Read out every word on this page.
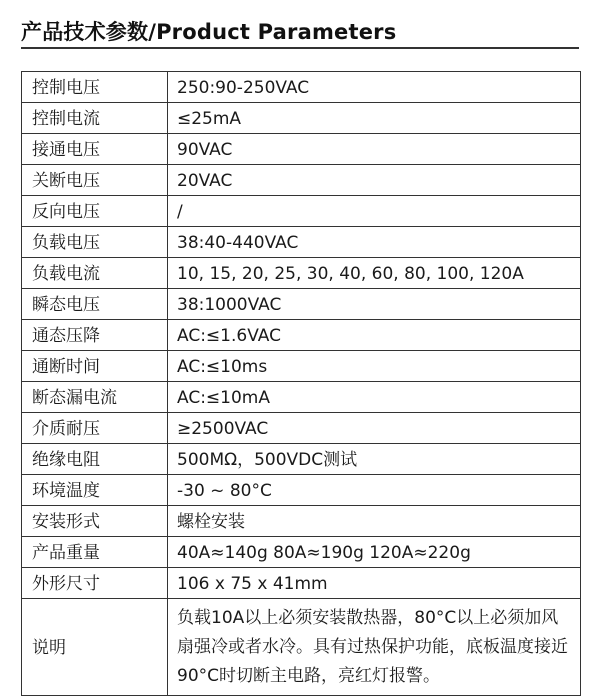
产品技术参数/Product Parameters
控制电压	250:90-250VAC
控制电流	≤25mA
接通电压	90VAC
关断电压	20VAC
反向电压	/
负载电压	38:40-440VAC
负载电流	10, 15, 20, 25, 30, 40, 60, 80, 100, 120A
瞬态电压	38:1000VAC
通态压降	AC:≤1.6VAC
通断时间	AC:≤10ms
断态漏电流	AC:≤10mA
介质耐压	≥2500VAC
绝缘电阻	500MΩ，500VDC测试
环境温度	-30 ~ 80°C
安装形式	螺栓安装
产品重量	40A≈140g 80A≈190g 120A≈220g
外形尺寸	106 x 75 x 41mm
说明	负载10A以上必须安装散热器，80°C以上必须加风扇强冷或者水冷。具有过热保护功能，底板温度接近90°C时切断主电路，亮红灯报警。
